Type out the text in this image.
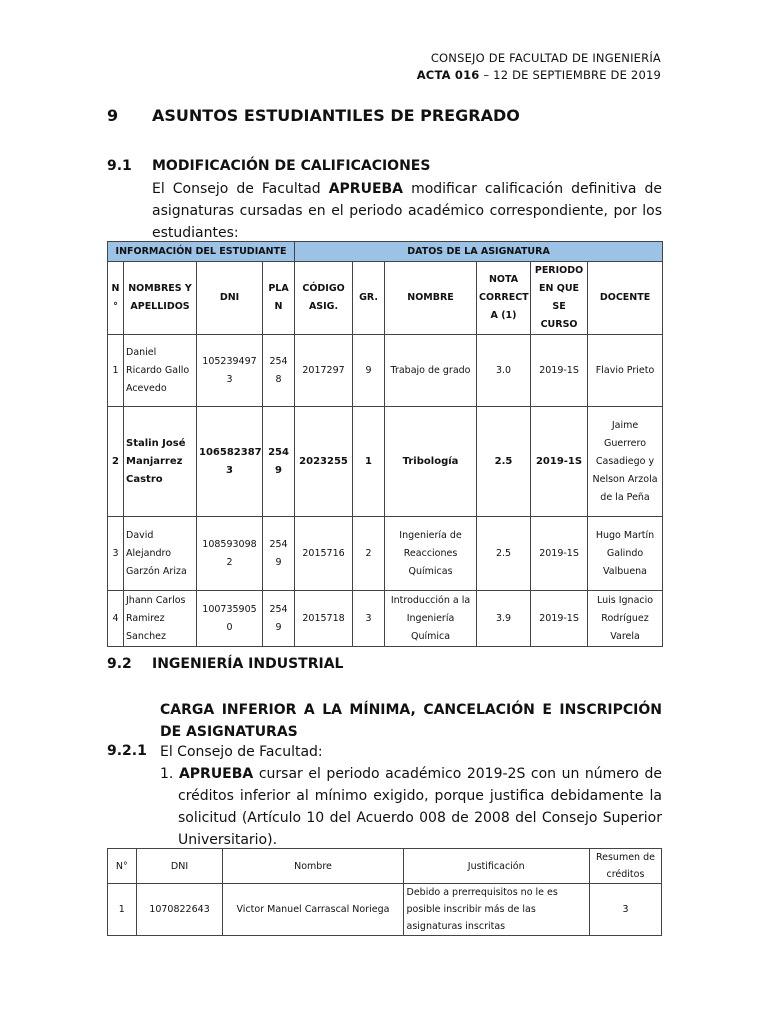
CONSEJO DE FACULTAD DE INGENIERÍA
ACTA 016 – 12 DE SEPTIEMBRE DE 2019
9 ASUNTOS ESTUDIANTILES DE PREGRADO
9.1 MODIFICACIÓN DE CALIFICACIONES
El Consejo de Facultad APRUEBA modificar calificación definitiva de asignaturas cursadas en el periodo académico correspondiente, por los estudiantes:
INFORMACIÓN DEL ESTUDIANTE				DATOS DE LA ASIGNATURA					
N °	NOMBRES Y APELLIDOS	DNI	PLA N	CÓDIGO ASIG.	GR.	NOMBRE	NOTA CORRECT A (1)	PERIODO EN QUE SE CURSO	DOCENTE
1	Daniel Ricardo Gallo Acevedo	105239497 3	254 8	2017297	9	Trabajo de grado	3.0	2019-1S	Flavio Prieto
2	Stalin José Manjarrez Castro	106582387 3	254 9	2023255	1	Tribología	2.5	2019-1S	Jaime Guerrero Casadiego y Nelson Arzola de la Peña
3	David Alejandro Garzón Ariza	108593098 2	254 9	2015716	2	Ingeniería de Reacciones Químicas	2.5	2019-1S	Hugo Martín Galindo Valbuena
4	Jhann Carlos Ramirez Sanchez	100735905 0	254 9	2015718	3	Introducción a la Ingeniería Química	3.9	2019-1S	Luis Ignacio Rodríguez Varela
9.2 INGENIERÍA INDUSTRIAL
CARGA INFERIOR A LA MÍNIMA, CANCELACIÓN E INSCRIPCIÓN DE ASIGNATURAS
9.2.1 El Consejo de Facultad:
1. APRUEBA cursar el periodo académico 2019-2S con un número de créditos inferior al mínimo exigido, porque justifica debidamente la solicitud (Artículo 10 del Acuerdo 008 de 2008 del Consejo Superior Universitario).
N°	DNI	Nombre	Justificación	Resumen de créditos
1	1070822643	Victor Manuel Carrascal Noriega	Debido a prerrequisitos no le es posible inscribir más de las asignaturas inscritas	3
